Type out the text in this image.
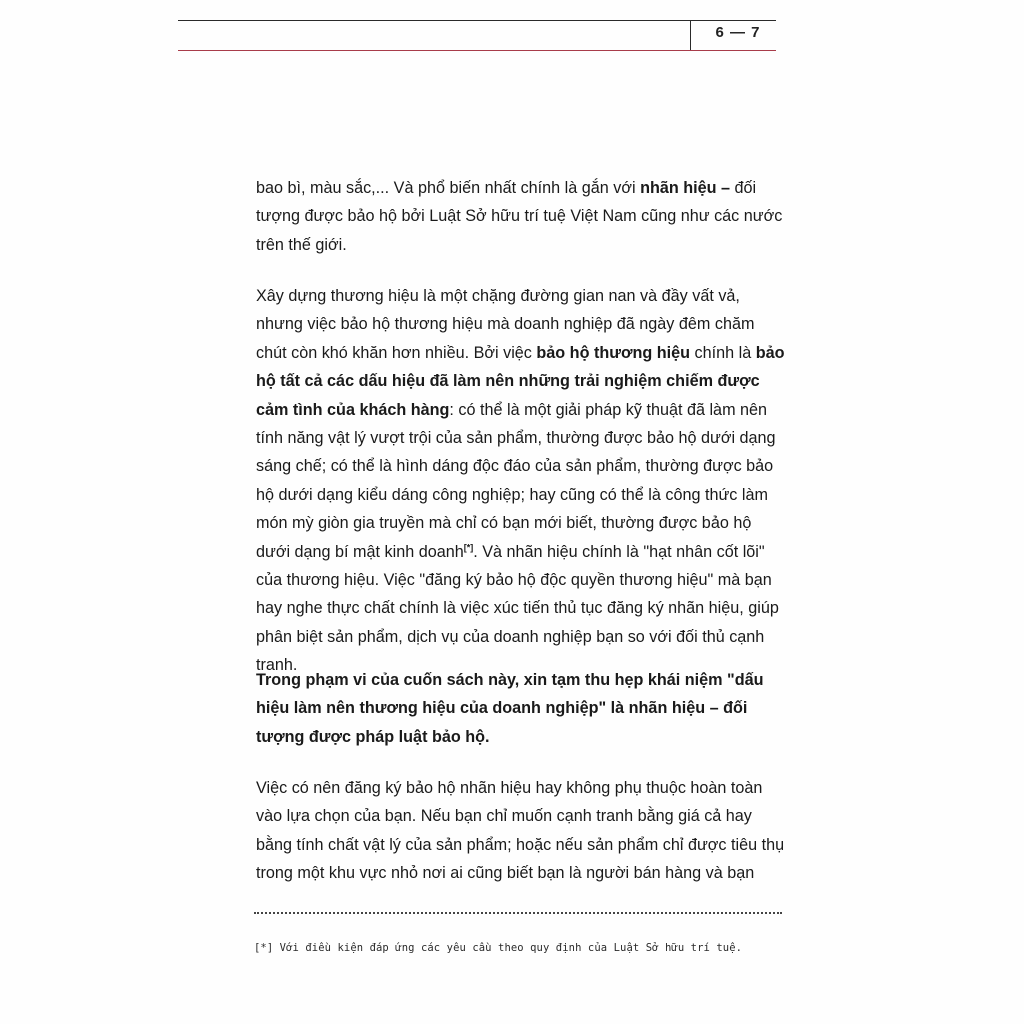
6 — 7

bao bì, màu sắc,... Và phổ biến nhất chính là gắn với nhãn hiệu – đối tượng được bảo hộ bởi Luật Sở hữu trí tuệ Việt Nam cũng như các nước trên thế giới.

Xây dựng thương hiệu là một chặng đường gian nan và đầy vất vả, nhưng việc bảo hộ thương hiệu mà doanh nghiệp đã ngày đêm chăm chút còn khó khăn hơn nhiều. Bởi việc bảo hộ thương hiệu chính là bảo hộ tất cả các dấu hiệu đã làm nên những trải nghiệm chiếm được cảm tình của khách hàng: có thể là một giải pháp kỹ thuật đã làm nên tính năng vật lý vượt trội của sản phẩm, thường được bảo hộ dưới dạng sáng chế; có thể là hình dáng độc đáo của sản phẩm, thường được bảo hộ dưới dạng kiểu dáng công nghiệp; hay cũng có thể là công thức làm món mỳ giòn gia truyền mà chỉ có bạn mới biết, thường được bảo hộ dưới dạng bí mật kinh doanh[*]. Và nhãn hiệu chính là "hạt nhân cốt lõi" của thương hiệu. Việc "đăng ký bảo hộ độc quyền thương hiệu" mà bạn hay nghe thực chất chính là việc xúc tiến thủ tục đăng ký nhãn hiệu, giúp phân biệt sản phẩm, dịch vụ của doanh nghiệp bạn so với đối thủ cạnh tranh.

Trong phạm vi của cuốn sách này, xin tạm thu hẹp khái niệm "dấu hiệu làm nên thương hiệu của doanh nghiệp" là nhãn hiệu – đối tượng được pháp luật bảo hộ.

Việc có nên đăng ký bảo hộ nhãn hiệu hay không phụ thuộc hoàn toàn vào lựa chọn của bạn. Nếu bạn chỉ muốn cạnh tranh bằng giá cả hay bằng tính chất vật lý của sản phẩm; hoặc nếu sản phẩm chỉ được tiêu thụ trong một khu vực nhỏ nơi ai cũng biết bạn là người bán hàng và bạn

[*] Với điều kiện đáp ứng các yêu cầu theo quy định của Luật Sở hữu trí tuệ.
